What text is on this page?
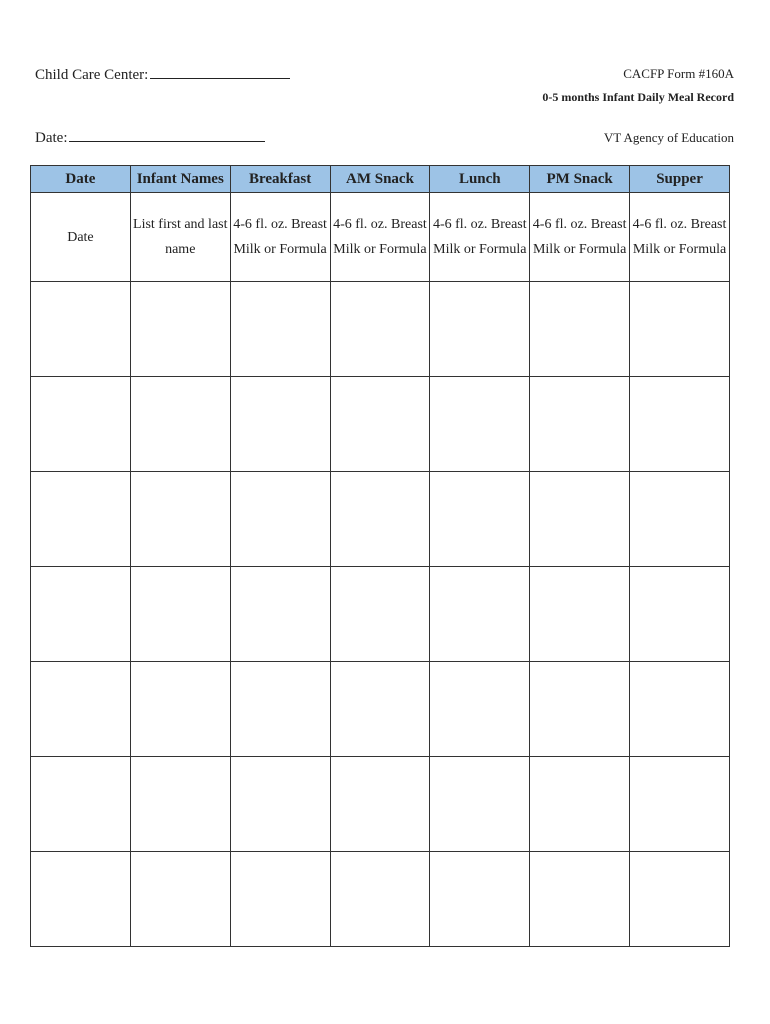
Child Care Center:
Date:
CACFP Form #160A
0-5 months Infant Daily Meal Record
VT Agency of Education
Date	Infant Names	Breakfast	AM Snack	Lunch	PM Snack	Supper
Date	List first and last name	4-6 fl. oz. Breast Milk or Formula	4-6 fl. oz. Breast Milk or Formula	4-6 fl. oz. Breast Milk or Formula	4-6 fl. oz. Breast Milk or Formula	4-6 fl. oz. Breast Milk or Formula
